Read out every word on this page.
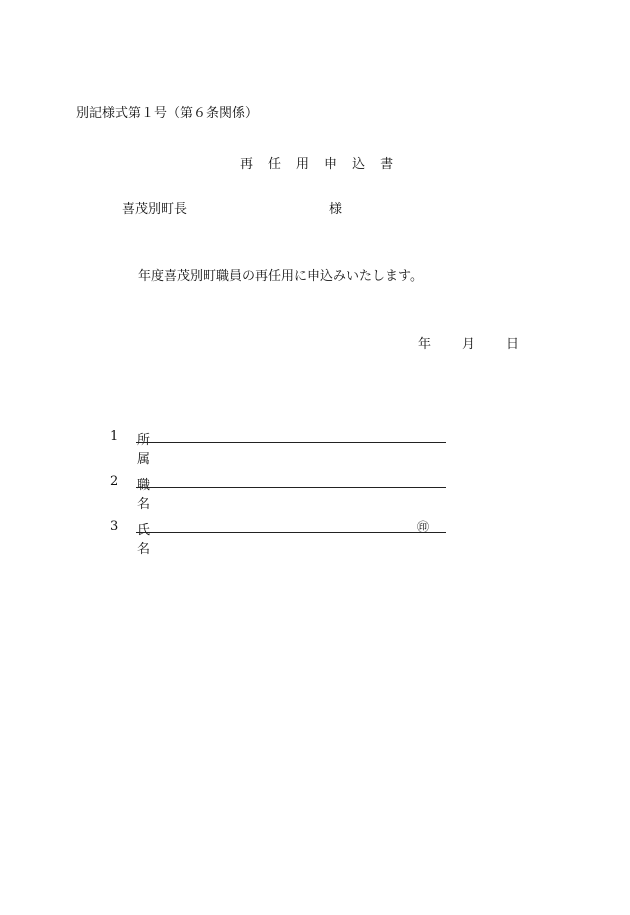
別記様式第１号（第６条関係）
再 任 用 申 込 書
喜茂別町長	様
年度喜茂別町職員の再任用に申込みいたします。
年 月 日
1 所　属
2 職　名
3 氏　名
㊞
